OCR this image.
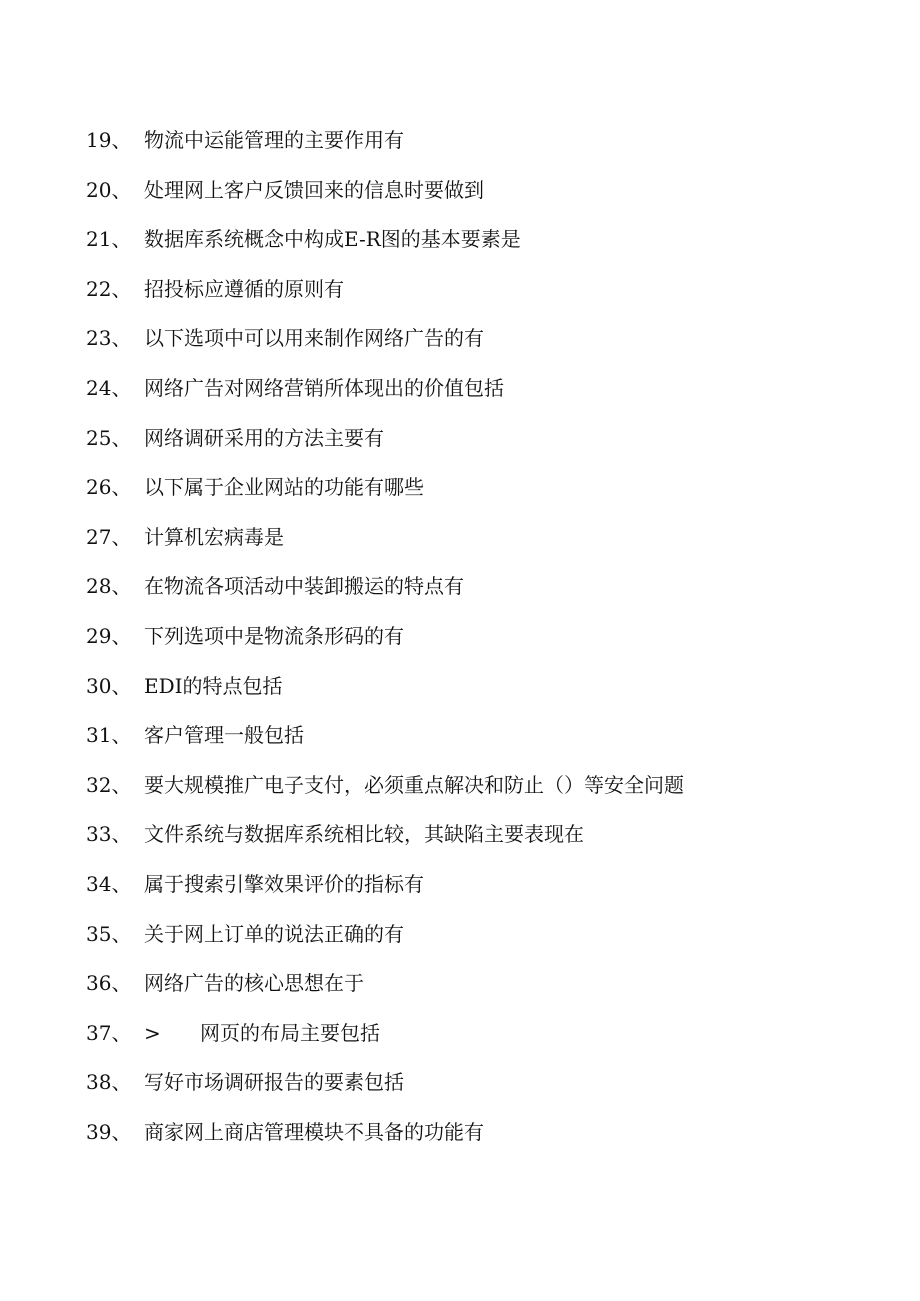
19、 物流中运能管理的主要作用有
20、 处理网上客户反馈回来的信息时要做到
21、 数据库系统概念中构成E-R图的基本要素是
22、 招投标应遵循的原则有
23、 以下选项中可以用来制作网络广告的有
24、 网络广告对网络营销所体现出的价值包括
25、 网络调研采用的方法主要有
26、 以下属于企业网站的功能有哪些
27、 计算机宏病毒是
28、 在物流各项活动中装卸搬运的特点有
29、 下列选项中是物流条形码的有
30、 EDI的特点包括
31、 客户管理一般包括
32、 要大规模推广电子支付，必须重点解决和防止（）等安全问题
33、 文件系统与数据库系统相比较，其缺陷主要表现在
34、 属于搜索引擎效果评价的指标有
35、 关于网上订单的说法正确的有
36、 网络广告的核心思想在于
37、 >	网页的布局主要包括
38、 写好市场调研报告的要素包括
39、 商家网上商店管理模块不具备的功能有
